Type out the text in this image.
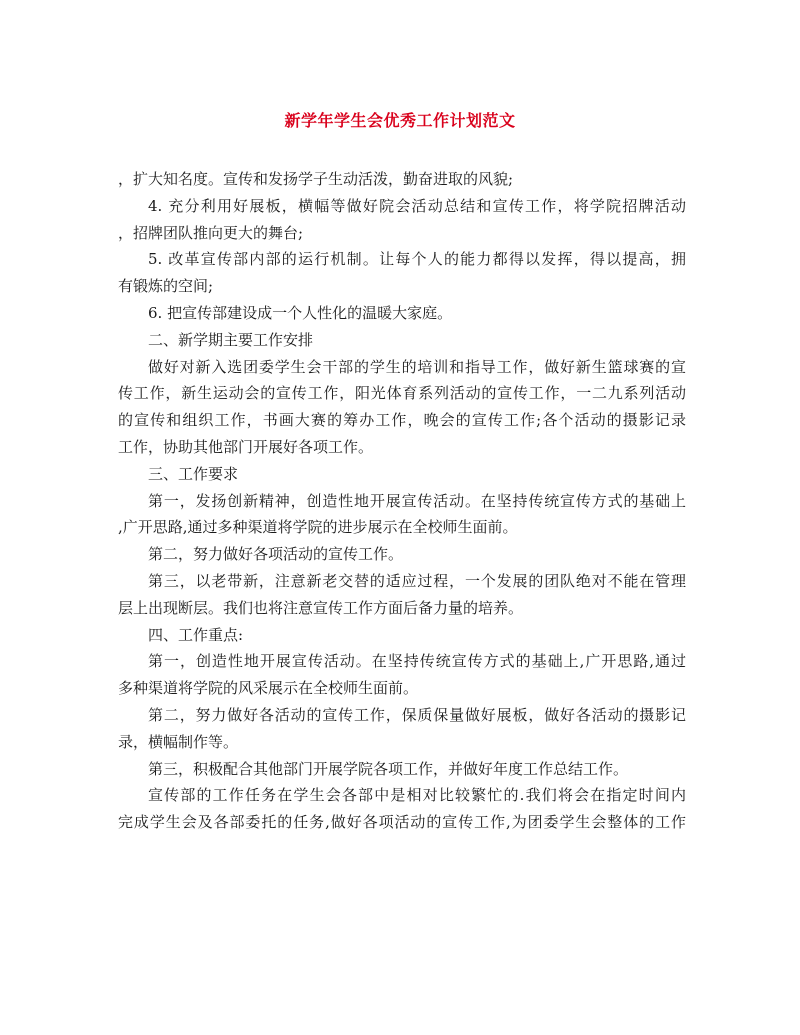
新学年学生会优秀工作计划范文
，扩大知名度。宣传和发扬学子生动活泼，勤奋进取的风貌;
4. 充分利用好展板，横幅等做好院会活动总结和宣传工作，将学院招牌活动
，招牌团队推向更大的舞台;
5. 改革宣传部内部的运行机制。让每个人的能力都得以发挥，得以提高，拥
有锻炼的空间;
6. 把宣传部建设成一个人性化的温暖大家庭。
二、新学期主要工作安排
做好对新入选团委学生会干部的学生的培训和指导工作，做好新生篮球赛的宣
传工作，新生运动会的宣传工作，阳光体育系列活动的宣传工作，一二九系列活动
的宣传和组织工作，书画大赛的筹办工作，晚会的宣传工作;各个活动的摄影记录
工作，协助其他部门开展好各项工作。
三、工作要求
第一，发扬创新精神，创造性地开展宣传活动。在坚持传统宣传方式的基础上
,广开思路,通过多种渠道将学院的进步展示在全校师生面前。
第二，努力做好各项活动的宣传工作。
第三，以老带新，注意新老交替的适应过程，一个发展的团队绝对不能在管理
层上出现断层。我们也将注意宣传工作方面后备力量的培养。
四、工作重点:
第一，创造性地开展宣传活动。在坚持传统宣传方式的基础上,广开思路,通过
多种渠道将学院的风采展示在全校师生面前。
第二，努力做好各活动的宣传工作，保质保量做好展板，做好各活动的摄影记
录，横幅制作等。
第三，积极配合其他部门开展学院各项工作，并做好年度工作总结工作。
宣传部的工作任务在学生会各部中是相对比较繁忙的.我们将会在指定时间内
完成学生会及各部委托的任务,做好各项活动的宣传工作,为团委学生会整体的工作
